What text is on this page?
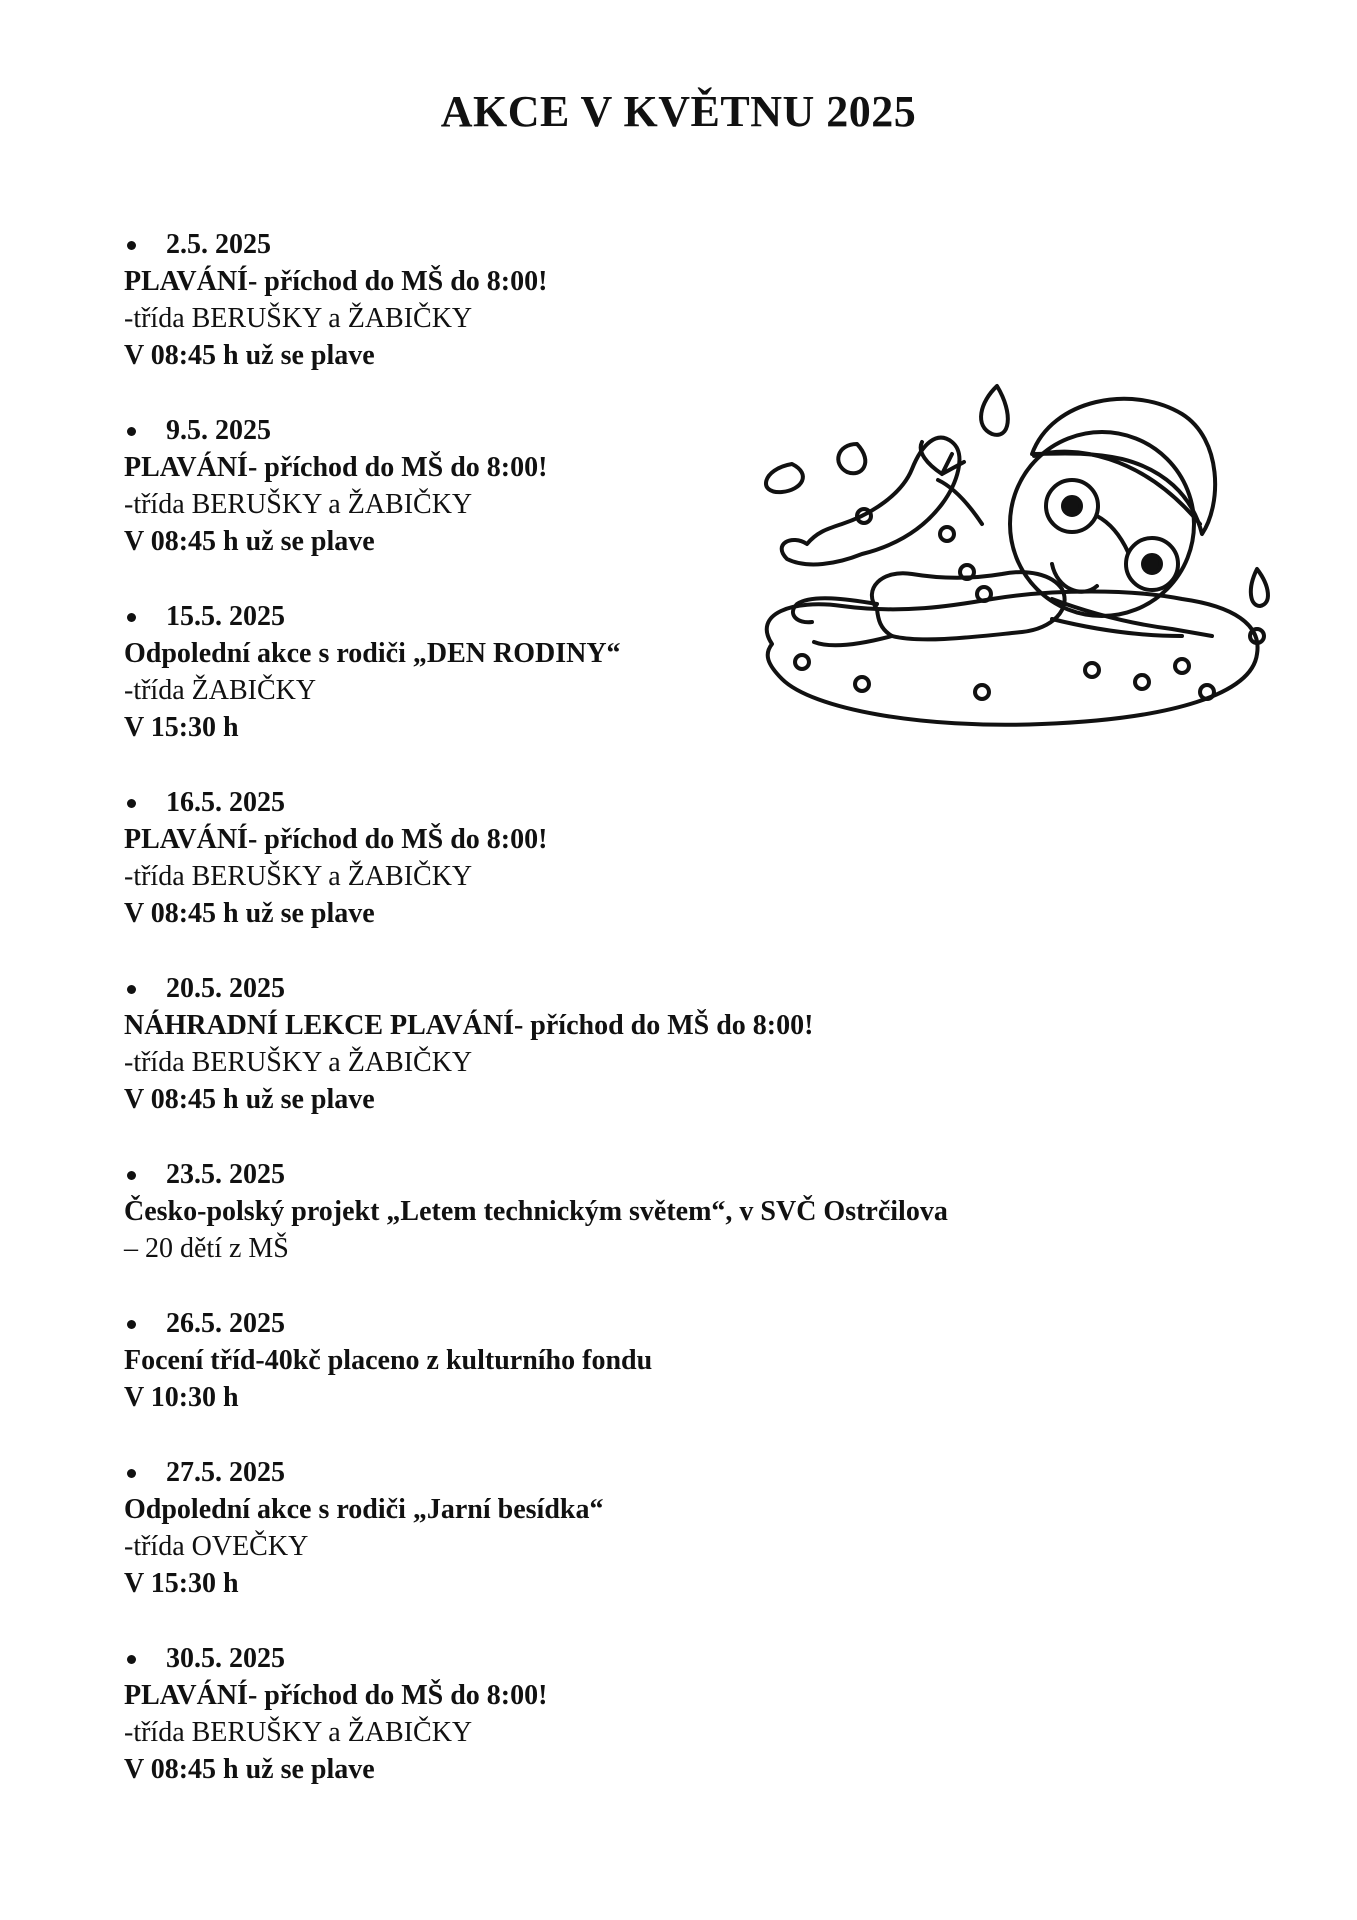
AKCE V KVĚTNU 2025
2.5. 2025
PLAVÁNÍ- příchod do MŠ do 8:00!
-třída BERUŠKY a ŽABIČKY
V 08:45 h už se plave
9.5. 2025
PLAVÁNÍ- příchod do MŠ do 8:00!
-třída BERUŠKY a ŽABIČKY
V 08:45 h už se plave
15.5. 2025
Odpolední akce s rodiči „DEN RODINY“
-třída ŽABIČKY
V 15:30 h
16.5. 2025
PLAVÁNÍ- příchod do MŠ do 8:00!
-třída BERUŠKY a ŽABIČKY
V 08:45 h už se plave
20.5. 2025
NÁHRADNÍ LEKCE PLAVÁNÍ- příchod do MŠ do 8:00!
-třída BERUŠKY a ŽABIČKY
V 08:45 h už se plave
23.5. 2025
Česko-polský projekt „Letem technickým světem“, v SVČ Ostrčilova
– 20 dětí z MŠ
26.5. 2025
Focení tříd-40kč placeno z kulturního fondu
V 10:30 h
27.5. 2025
Odpolední akce s rodiči „Jarní besídka“
-třída OVEČKY
V 15:30 h
30.5. 2025
PLAVÁNÍ- příchod do MŠ do 8:00!
-třída BERUŠKY a ŽABIČKY
V 08:45 h už se plave
